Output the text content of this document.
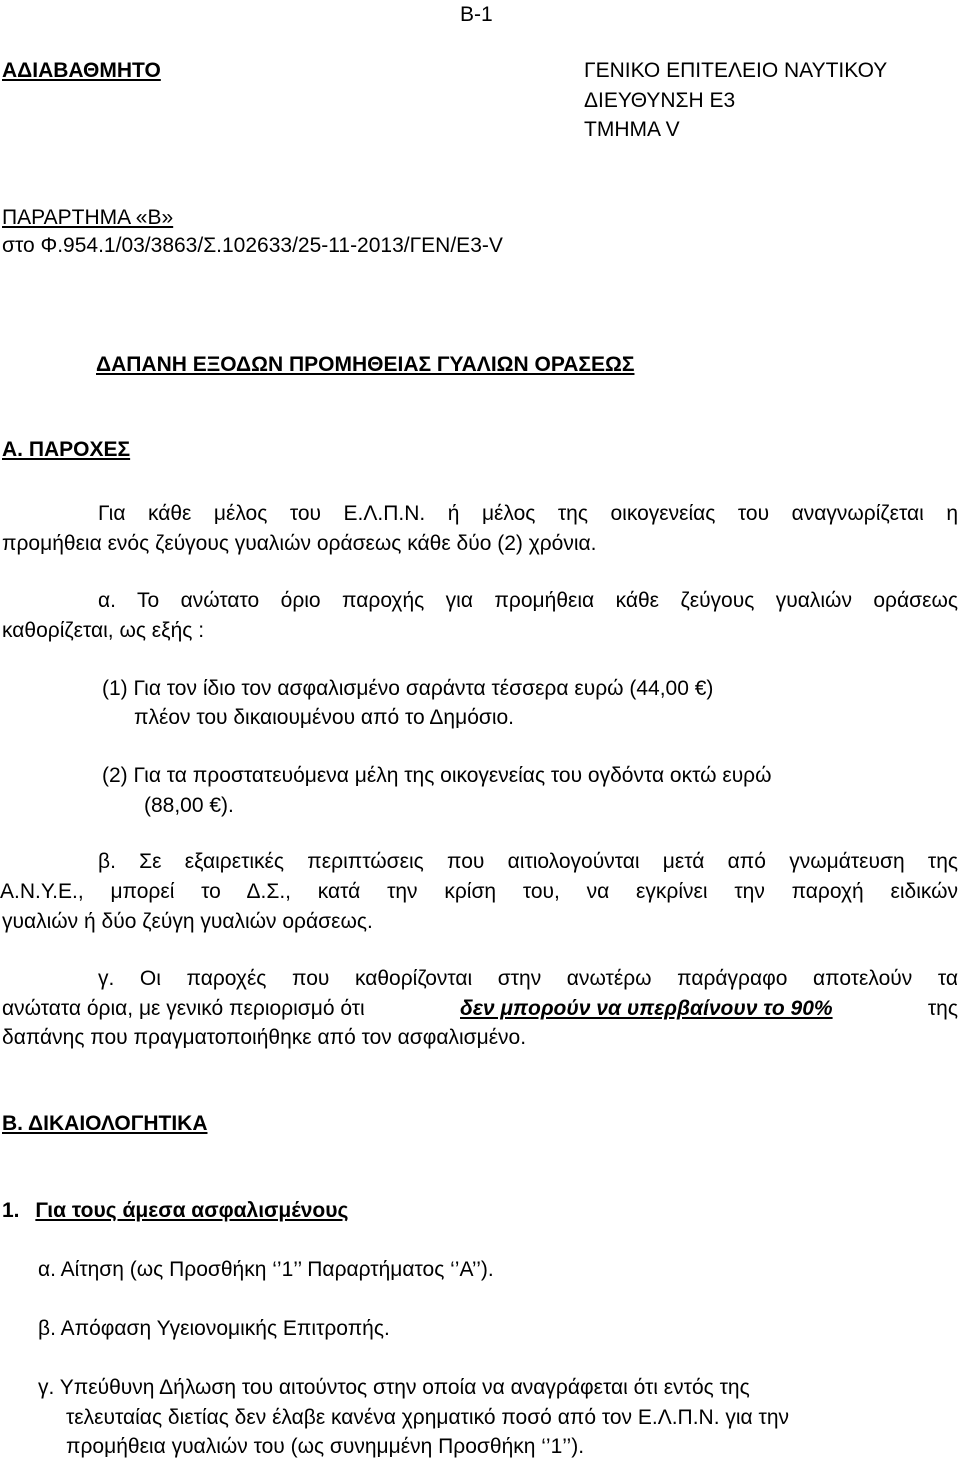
B-1
ΑΔΙΑΒΑΘΜΗΤΟ	ΓΕΝΙΚΟ ΕΠΙΤΕΛΕΙΟ ΝΑΥΤΙΚΟΥ
ΔΙΕΥΘΥΝΣΗ Ε3
ΤΜΗΜΑ V
ΠΑΡΑΡΤΗΜΑ «Β»
στο Φ.954.1/03/3863/Σ.102633/25-11-2013/ΓΕΝ/Ε3-V
ΔΑΠΑΝΗ ΕΞΟΔΩΝ ΠΡΟΜΗΘΕΙΑΣ ΓΥΑΛΙΩΝ ΟΡΑΣΕΩΣ
Α. ΠΑΡΟΧΕΣ
Για κάθε μέλος του Ε.Λ.Π.Ν. ή μέλος της οικογενείας του αναγνωρίζεται η
προμήθεια ενός ζεύγους γυαλιών οράσεως κάθε δύο (2) χρόνια.
α. Το ανώτατο όριο παροχής για προμήθεια κάθε ζεύγους γυαλιών οράσεως
καθορίζεται, ως εξής :
(1) Για τον ίδιο τον ασφαλισμένο σαράντα τέσσερα ευρώ (44,00 €)
πλέον του δικαιουμένου από το Δημόσιο.
(2) Για τα προστατευόμενα μέλη της οικογενείας του ογδόντα οκτώ ευρώ
(88,00 €).
β. Σε εξαιρετικές περιπτώσεις που αιτιολογούνται μετά από γνωμάτευση της
Α.Ν.Υ.Ε., μπορεί το Δ.Σ., κατά την κρίση του, να εγκρίνει την παροχή ειδικών
γυαλιών ή δύο ζεύγη γυαλιών οράσεως.
γ. Οι παροχές που καθορίζονται στην ανωτέρω παράγραφο αποτελούν τα
ανώτατα όρια, με γενικό περιορισμό ότι	δεν μπορούν να υπερβαίνουν το 90%	της
δαπάνης που πραγματοποιήθηκε από τον ασφαλισμένο.
Β. ΔΙΚΑΙΟΛΟΓΗΤΙΚΑ
1. Για τους άμεσα ασφαλισμένους
α. Αίτηση (ως Προσθήκη ‘’1’’ Παραρτήματος ‘’Α’’).
β. Απόφαση Υγειονομικής Επιτροπής.
γ. Υπεύθυνη Δήλωση του αιτούντος στην οποία να αναγράφεται ότι εντός της
τελευταίας διετίας δεν έλαβε κανένα χρηματικό ποσό από τον Ε.Λ.Π.Ν. για την
προμήθεια γυαλιών του (ως συνημμένη Προσθήκη ‘’1’’).
